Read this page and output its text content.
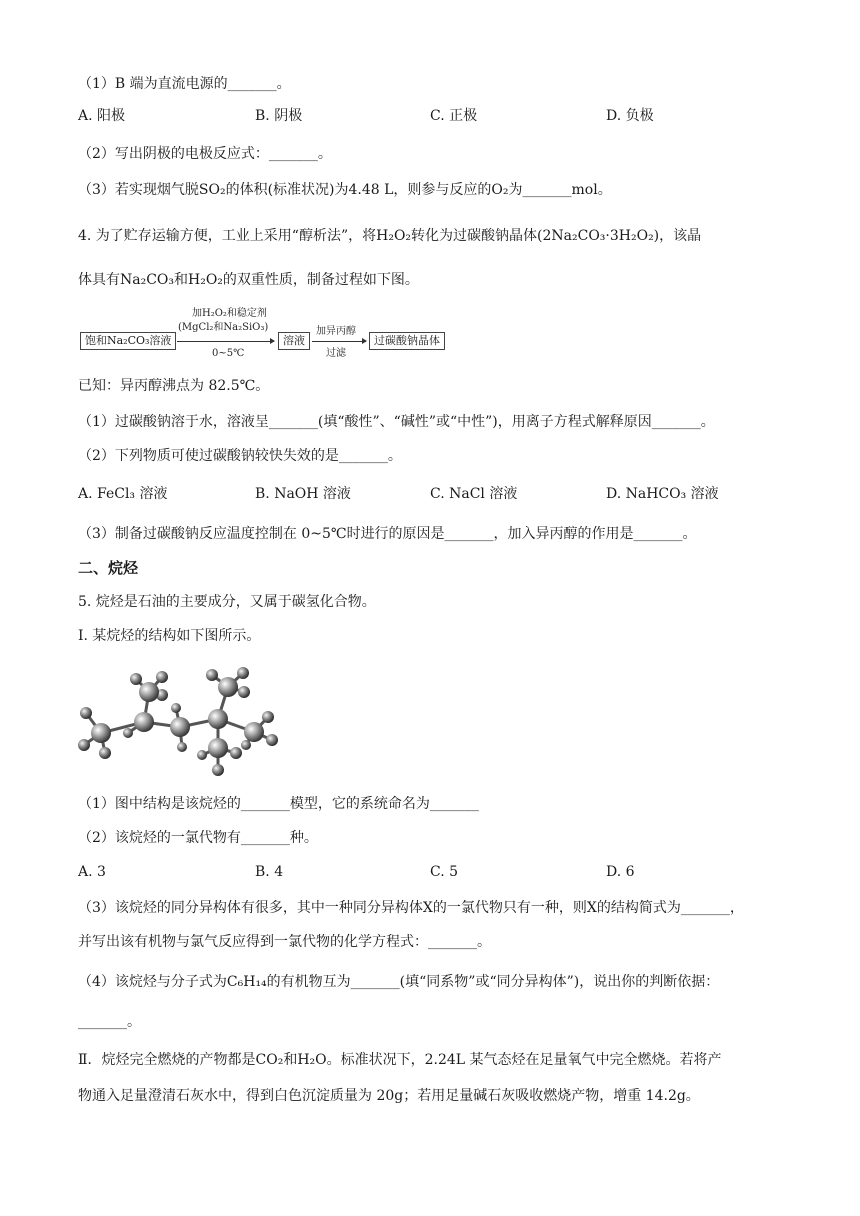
（1）B 端为直流电源的_______。
A. 阳极	B. 阴极	C. 正极	D. 负极
（2）写出阴极的电极反应式：_______。
（3）若实现烟气脱SO₂的体积(标准状况)为4.48 L，则参与反应的O₂为_______mol。
4. 为了贮存运输方便，工业上采用“醇析法”，将H₂O₂转化为过碳酸钠晶体(2Na₂CO₃·3H₂O₂)，该晶
体具有Na₂CO₃和H₂O₂的双重性质，制备过程如下图。
饱和Na₂CO₃溶液
加H₂O₂和稳定剂
(MgCl₂和Na₂SiO₃)
0~5℃
溶液
加异丙醇
过滤
过碳酸钠晶体
已知：异丙醇沸点为 82.5℃。
（1）过碳酸钠溶于水，溶液呈_______(填“酸性”、“碱性”或“中性”)，用离子方程式解释原因_______。
（2）下列物质可使过碳酸钠较快失效的是_______。
A. FeCl₃ 溶液	B. NaOH 溶液	C. NaCl 溶液	D. NaHCO₃ 溶液
（3）制备过碳酸钠反应温度控制在 0~5℃时进行的原因是_______，加入异丙醇的作用是_______。
二、烷烃
5. 烷烃是石油的主要成分，又属于碳氢化合物。
I. 某烷烃的结构如下图所示。
（1）图中结构是该烷烃的_______模型，它的系统命名为_______
（2）该烷烃的一氯代物有_______种。
A. 3	B. 4	C. 5	D. 6
（3）该烷烃的同分异构体有很多，其中一种同分异构体X的一氯代物只有一种，则X的结构简式为_______，
并写出该有机物与氯气反应得到一氯代物的化学方程式：_______。
（4）该烷烃与分子式为C₆H₁₄的有机物互为_______(填“同系物”或“同分异构体”)，说出你的判断依据：
_______。
Ⅱ．烷烃完全燃烧的产物都是CO₂和H₂O。标准状况下，2.24L 某气态烃在足量氧气中完全燃烧。若将产
物通入足量澄清石灰水中，得到白色沉淀质量为 20g；若用足量碱石灰吸收燃烧产物，增重 14.2g。
